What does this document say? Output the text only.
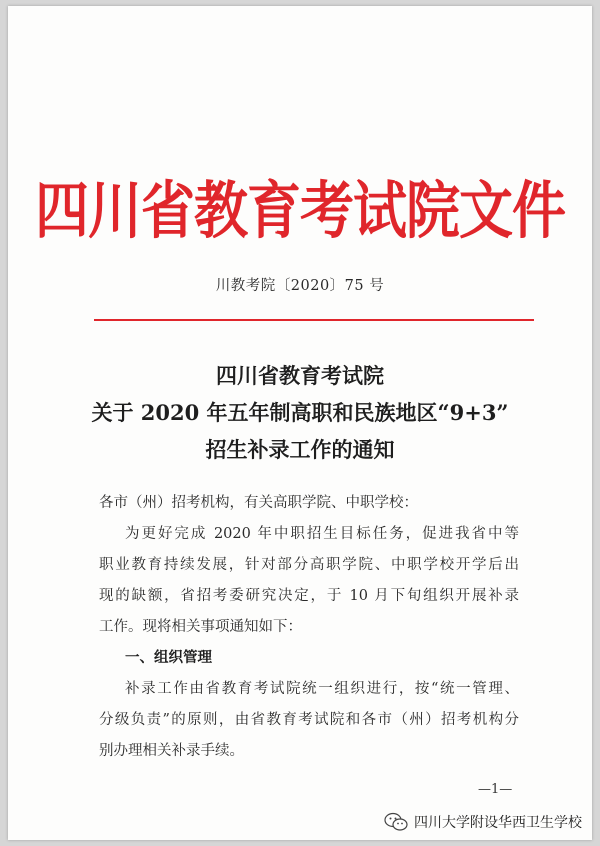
四川省教育考试院文件
川教考院〔2020〕75 号
四川省教育考试院
关于 2020 年五年制高职和民族地区“9+3”
招生补录工作的通知
各市（州）招考机构，有关高职学院、中职学校：
为更好完成 2020 年中职招生目标任务，促进我省中等
职业教育持续发展，针对部分高职学院、中职学校开学后出
现的缺额，省招考委研究决定，于 10 月下旬组织开展补录
工作。现将相关事项通知如下：
一、组织管理
补录工作由省教育考试院统一组织进行，按“统一管理、
分级负责”的原则，由省教育考试院和各市（州）招考机构分
别办理相关补录手续。
—1—
四川大学附设华西卫生学校
